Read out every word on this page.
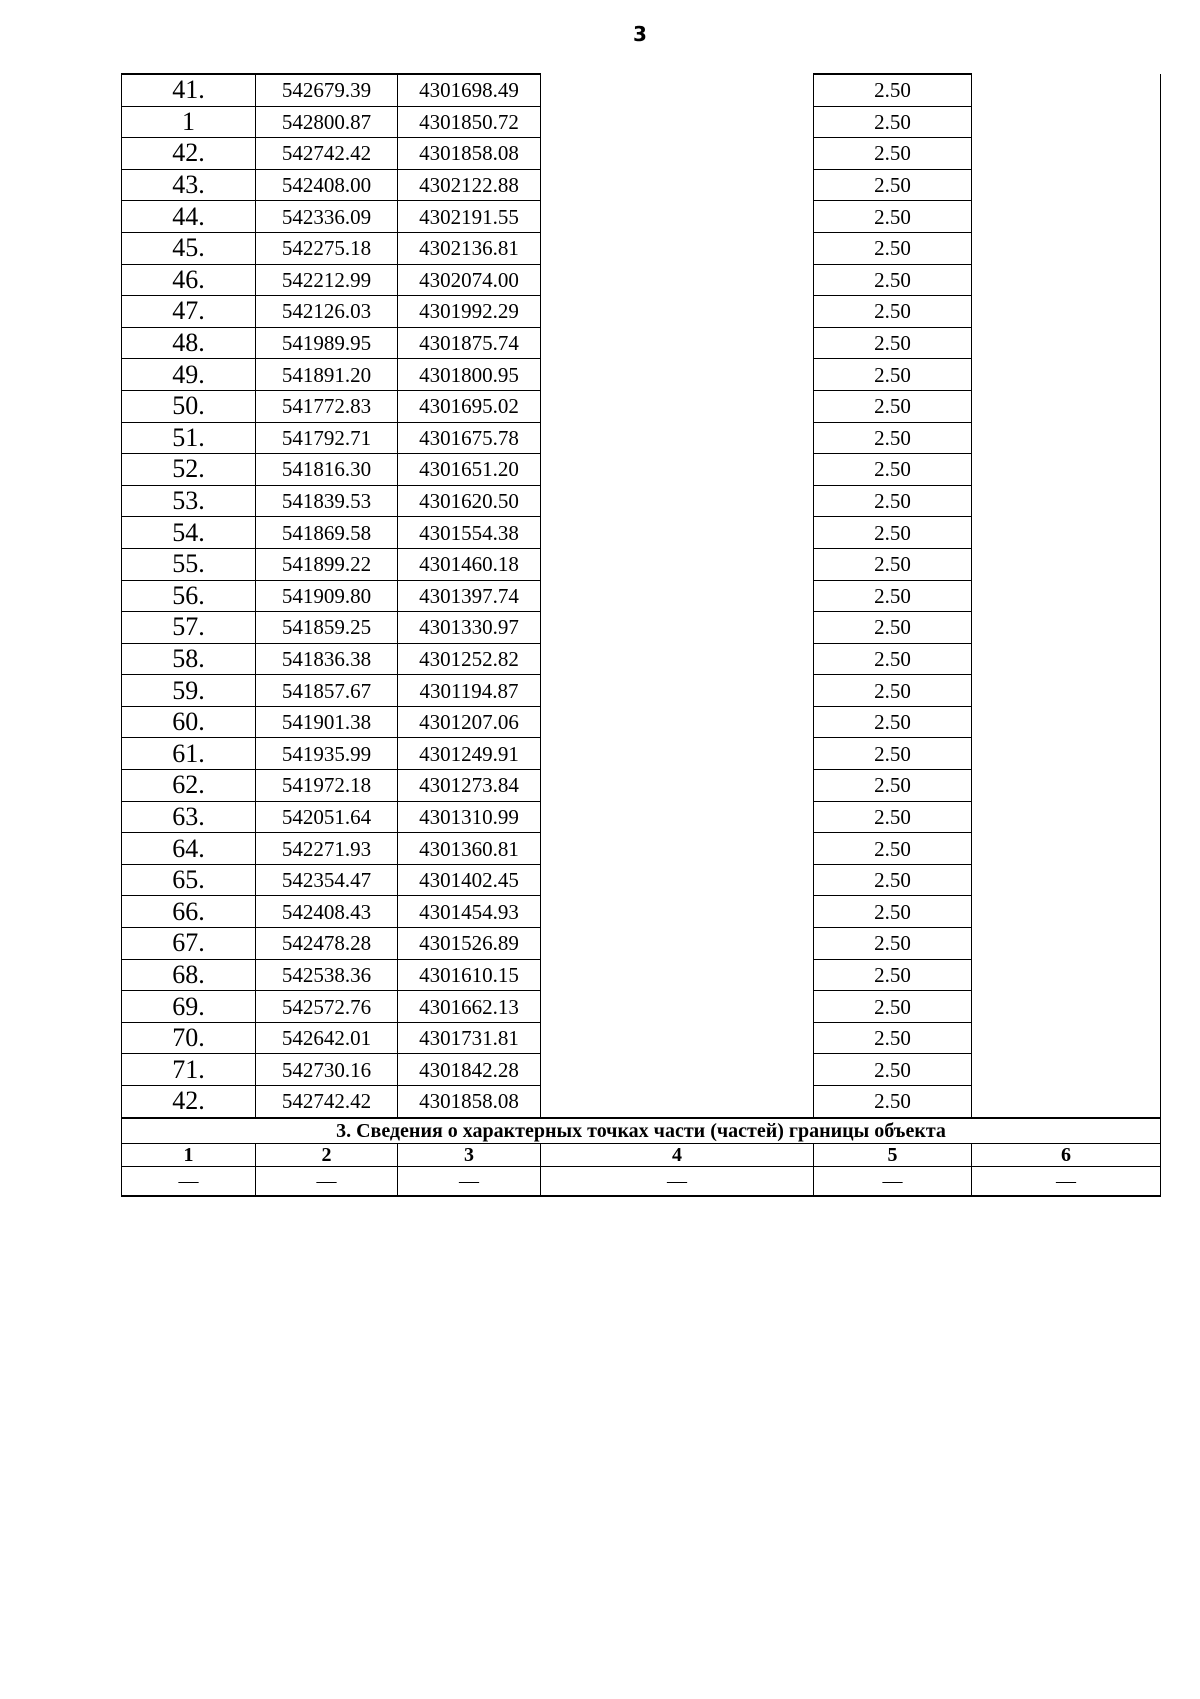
3
41.	542679.39	4301698.49		2.50	
1	542800.87	4301850.72		2.50	
42.	542742.42	4301858.08		2.50	
43.	542408.00	4302122.88		2.50	
44.	542336.09	4302191.55		2.50	
45.	542275.18	4302136.81		2.50	
46.	542212.99	4302074.00		2.50	
47.	542126.03	4301992.29		2.50	
48.	541989.95	4301875.74		2.50	
49.	541891.20	4301800.95		2.50	
50.	541772.83	4301695.02		2.50	
51.	541792.71	4301675.78		2.50	
52.	541816.30	4301651.20		2.50	
53.	541839.53	4301620.50		2.50	
54.	541869.58	4301554.38		2.50	
55.	541899.22	4301460.18		2.50	
56.	541909.80	4301397.74		2.50	
57.	541859.25	4301330.97		2.50	
58.	541836.38	4301252.82		2.50	
59.	541857.67	4301194.87		2.50	
60.	541901.38	4301207.06		2.50	
61.	541935.99	4301249.91		2.50	
62.	541972.18	4301273.84		2.50	
63.	542051.64	4301310.99		2.50	
64.	542271.93	4301360.81		2.50	
65.	542354.47	4301402.45		2.50	
66.	542408.43	4301454.93		2.50	
67.	542478.28	4301526.89		2.50	
68.	542538.36	4301610.15		2.50	
69.	542572.76	4301662.13		2.50	
70.	542642.01	4301731.81		2.50	
71.	542730.16	4301842.28		2.50	
42.	542742.42	4301858.08		2.50	
3. Сведения о характерных точках части (частей) границы объекта					
1	2	3	4	5	6
—	—	—	—	—	—
